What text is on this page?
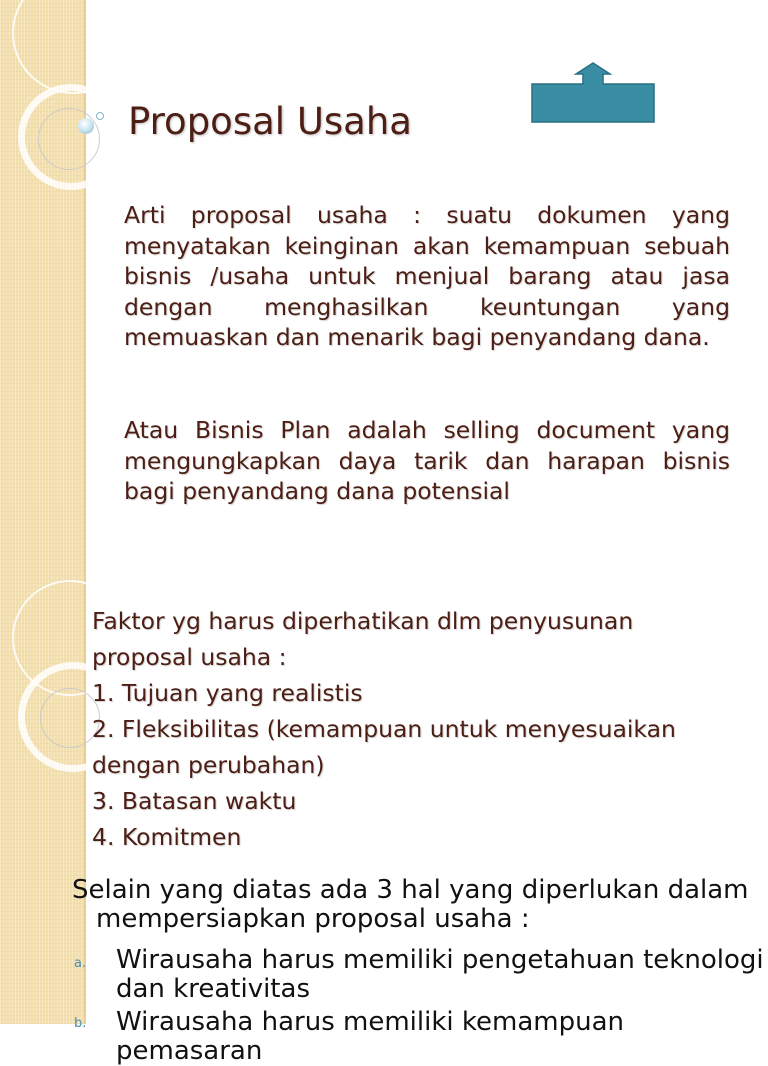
Proposal Usaha

Arti proposal usaha : suatu dokumen yang menyatakan keinginan akan kemampuan sebuah bisnis /usaha untuk menjual barang atau jasa dengan menghasilkan keuntungan yang memuaskan dan menarik bagi penyandang dana.

Atau Bisnis Plan adalah selling document yang mengungkapkan daya tarik dan harapan bisnis bagi penyandang dana potensial

Faktor yg harus diperhatikan dlm penyusunan
proposal usaha :
1. Tujuan yang realistis
2. Fleksibilitas (kemampuan untuk menyesuaikan
dengan perubahan)
3. Batasan waktu
4. Komitmen
Selain yang diatas ada 3 hal yang diperlukan dalam
mempersiapkan proposal usaha :
a. Wirausaha harus memiliki pengetahuan teknologi
dan kreativitas
b. Wirausaha harus memiliki kemampuan pemasaran
